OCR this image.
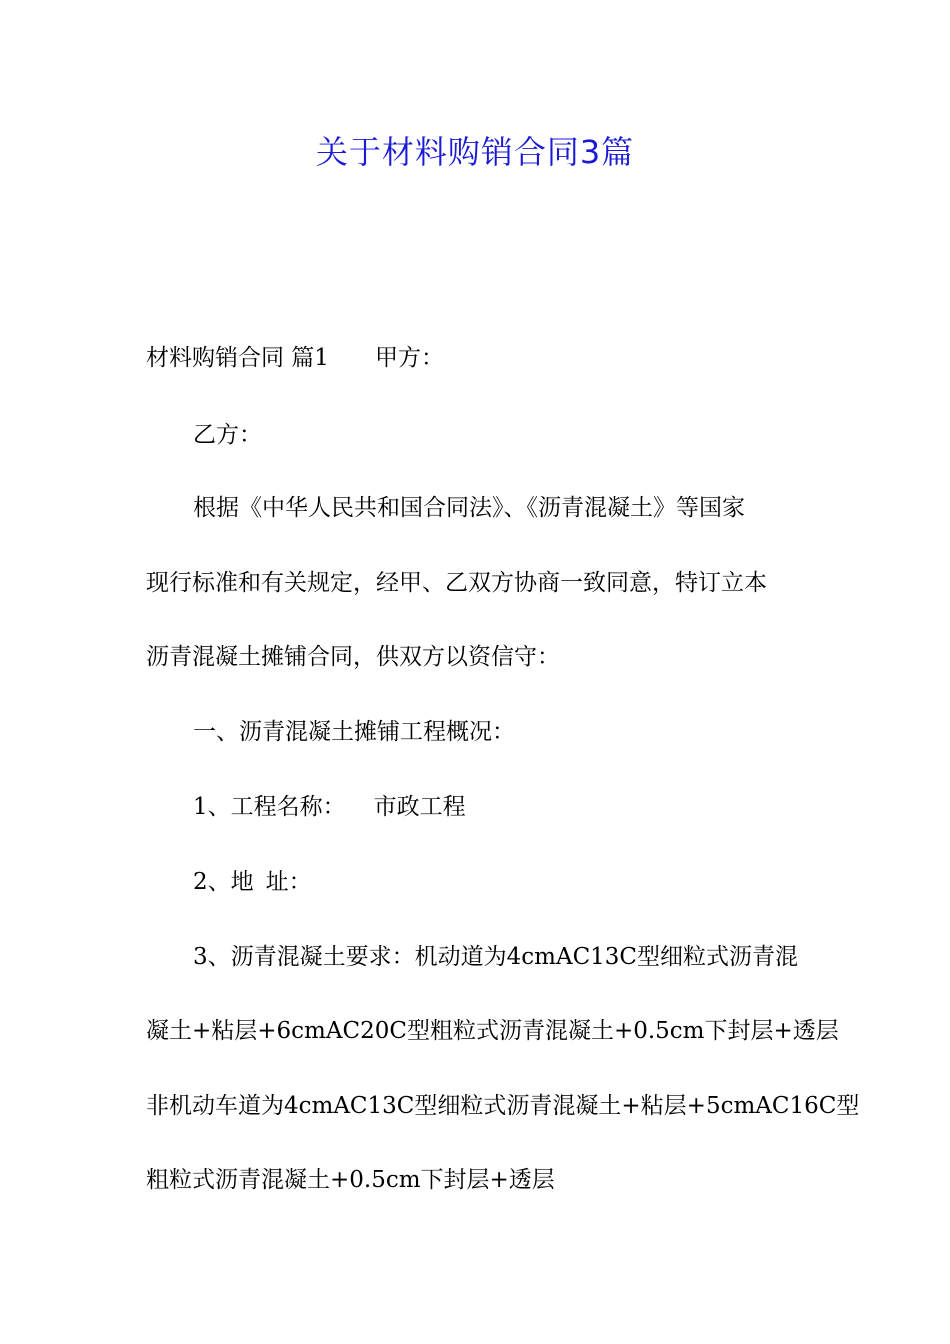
关于材料购销合同3篇
材料购销合同 篇1 甲方：
乙方：
根据《中华人民共和国合同法》、《沥青混凝土》等国家
现行标准和有关规定，经甲、乙双方协商一致同意，特订立本
沥青混凝土摊铺合同，供双方以资信守：
一、沥青混凝土摊铺工程概况：
1、工程名称： 市政工程
2、地 址：
3、沥青混凝土要求：机动道为4cmAC13C型细粒式沥青混
凝土+粘层+6cmAC20C型粗粒式沥青混凝土+0.5cm下封层+透层
非机动车道为4cmAC13C型细粒式沥青混凝土+粘层+5cmAC16C型
粗粒式沥青混凝土+0.5cm下封层+透层
